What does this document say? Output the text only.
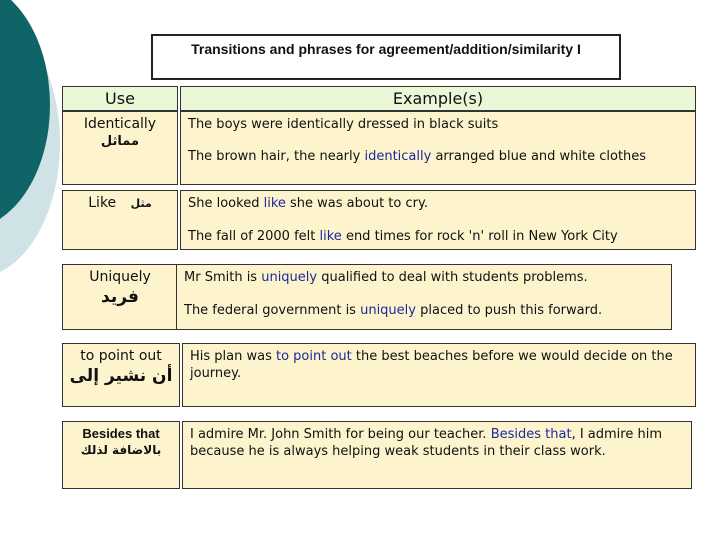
Transitions and phrases for agreement/addition/similarity I
Use	Example(s)
Identically
مماثل

The boys were identically dressed in black suits

The brown hair, the nearly identically arranged blue and white clothes

Like مثل	She looked like she was about to cry.

The fall of 2000 felt like end times for rock 'n' roll in New York City

Uniquely
فريد

Mr Smith is uniquely qualified to deal with students problems.

The federal government is uniquely placed to push this forward.

to point out
أن نشير إلى

His plan was to point out the best beaches before we would decide on the journey.

Besides that
بالاضافة لذلك

I admire Mr. John Smith for being our teacher. Besides that, I admire him because he is always helping weak students in their class work.
